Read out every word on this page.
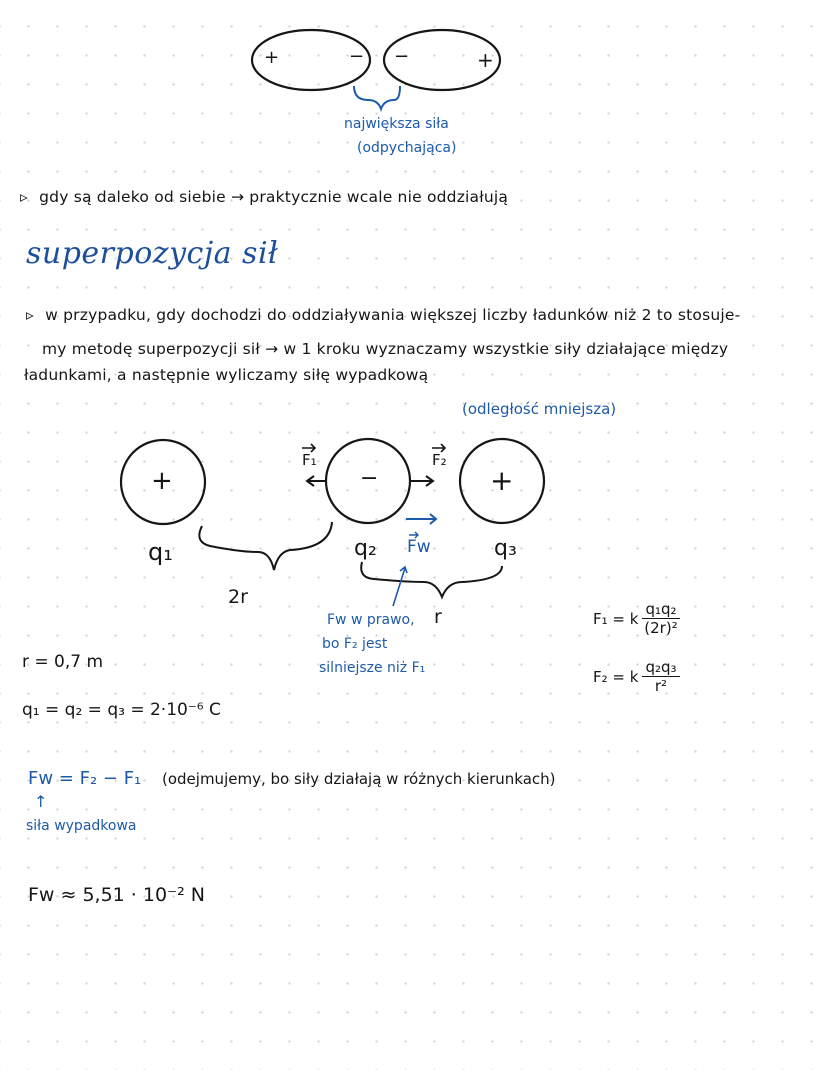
+	− −	+
największa siła
(odpychająca)
▹ gdy są daleko od siebie → praktycznie wcale nie oddziałują
superpozycja sił
▹ w przypadku, gdy dochodzi do oddziaływania większej liczby ładunków niż 2 to stosuje-
my metodę superpozycji sił → w 1 kroku wyznaczamy wszystkie siły działające między
ładunkami, a następnie wyliczamy siłę wypadkową
(odległość mniejsza)
+	−	+
F₁	F₂
Fw
q₁	q₂	q₃
2r
r
Fw w prawo,
bo F₂ jest
silniejsze niż F₁
F₁ = k $\frac{\text{q₁q₂}}{\text{(2r)²}}$
F₂ = k $\frac{\text{q₂q₃}}{\text{r²}}$
r = 0,7 m
q₁ = q₂ = q₃ = 2·10⁻⁶ C
Fw = F₂ − F₁ (odejmujemy, bo siły działają w różnych kierunkach)
↑
siła wypadkowa
Fw ≈ 5,51 · 10⁻² N
